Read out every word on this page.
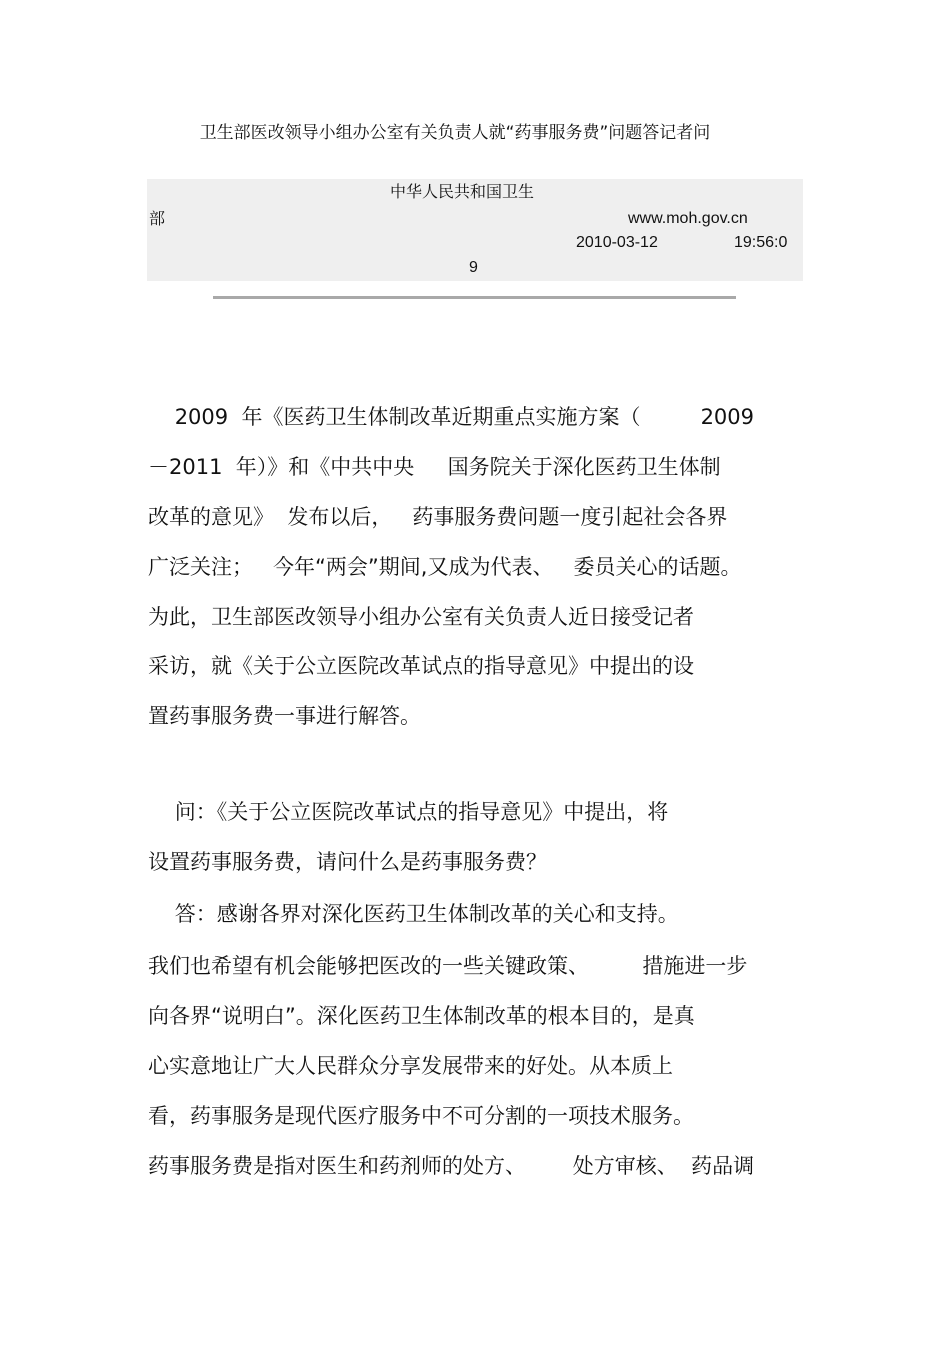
卫生部医改领导小组办公室有关负责人就“药事服务费”问题答记者问
中华人民共和国卫生
部	www.moh.gov.cn
2010-03-12	19:56:0
9
2009  年《医药卫生体制改革近期重点实施方案（         2009
－2011  年）》和《中共中央     国务院关于深化医药卫生体制
改革的意见》  发布以后，   药事服务费问题一度引起社会各界
广泛关注；   今年“两会”期间,又成为代表、   委员关心的话题。
为此，卫生部医改领导小组办公室有关负责人近日接受记者
采访，就《关于公立医院改革试点的指导意见》中提出的设
置药事服务费一事进行解答。
问：《关于公立医院改革试点的指导意见》中提出，将
设置药事服务费，请问什么是药事服务费？
答：感谢各界对深化医药卫生体制改革的关心和支持。
我们也希望有机会能够把医改的一些关键政策、        措施进一步
向各界“说明白”。深化医药卫生体制改革的根本目的，是真
心实意地让广大人民群众分享发展带来的好处。从本质上
看，药事服务是现代医疗服务中不可分割的一项技术服务。
药事服务费是指对医生和药剂师的处方、       处方审核、  药品调
